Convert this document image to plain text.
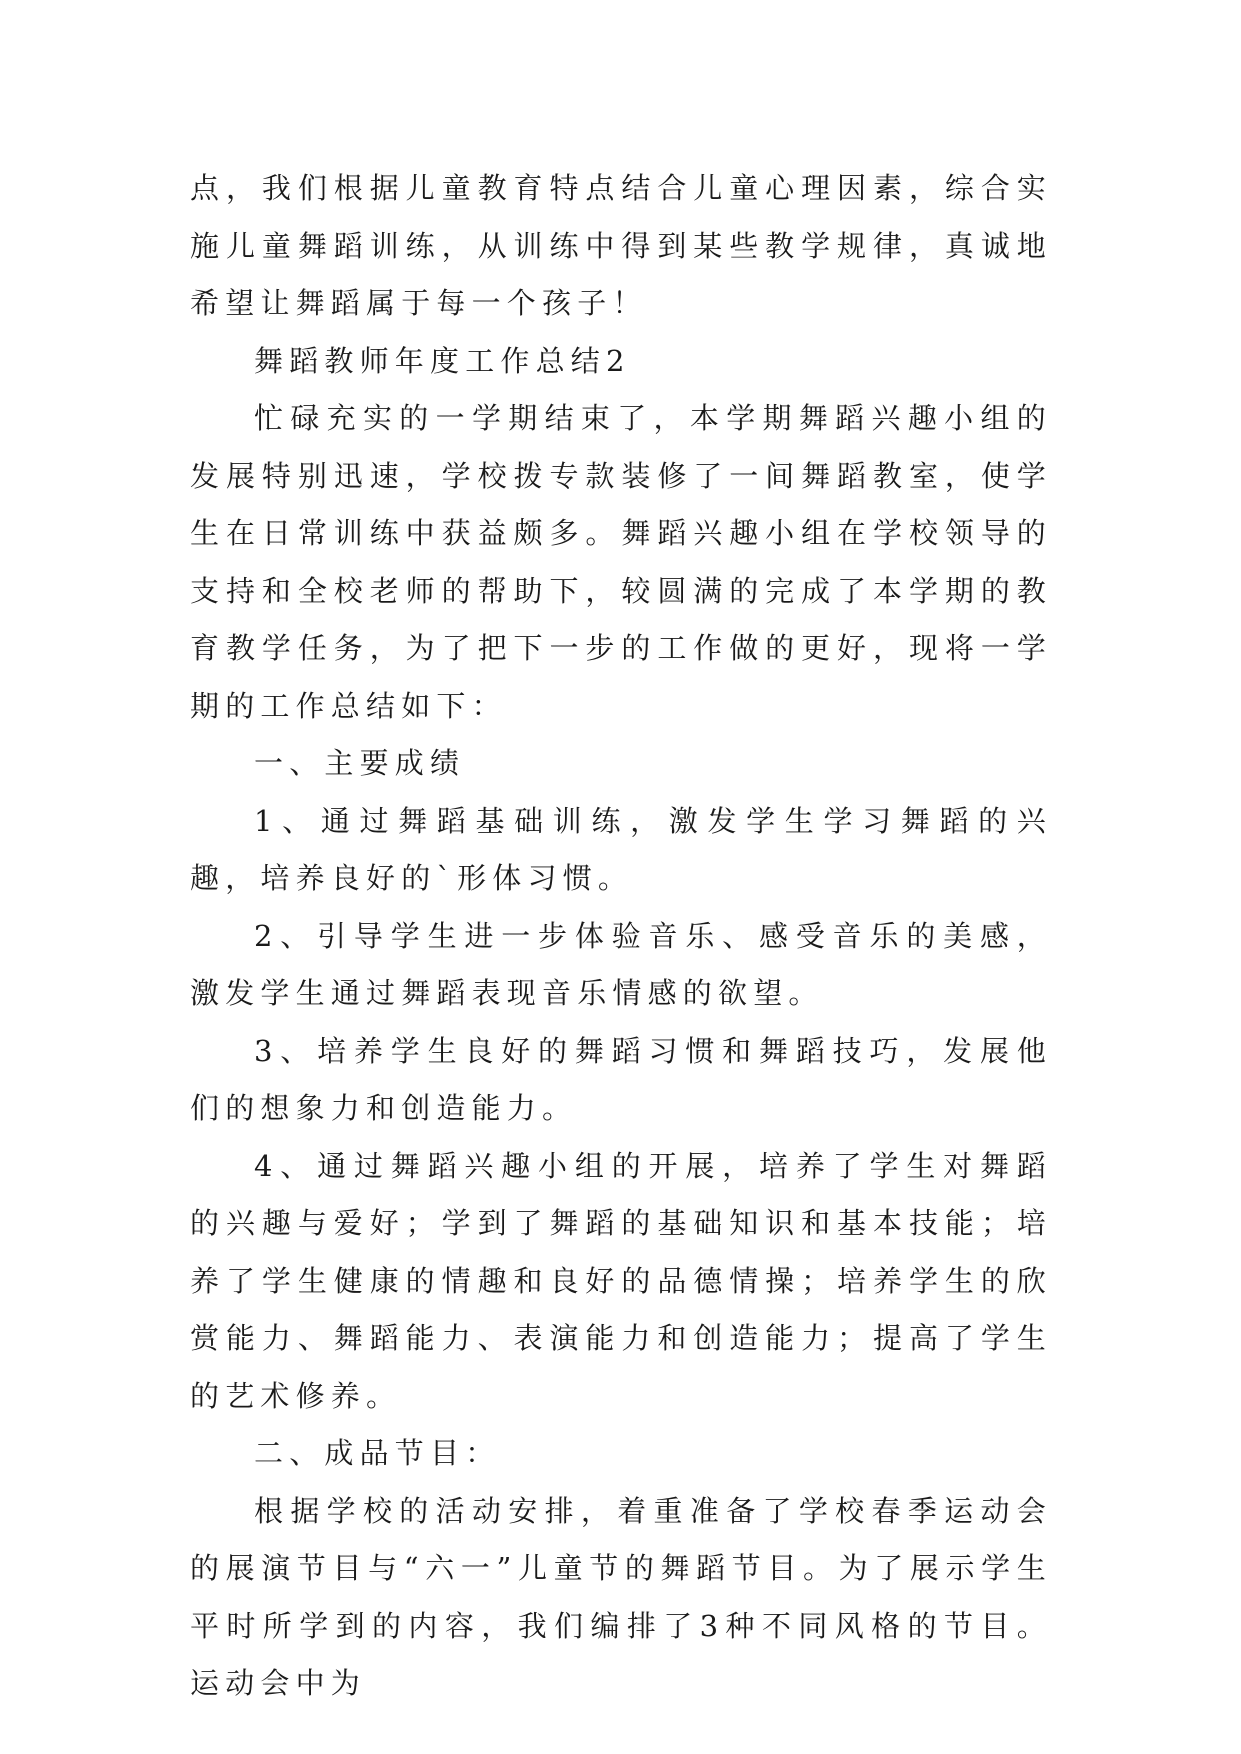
点，我们根据儿童教育特点结合儿童心理因素，综合实施儿童舞蹈训练，从训练中得到某些教学规律，真诚地希望让舞蹈属于每一个孩子！

舞蹈教师年度工作总结2

忙碌充实的一学期结束了，本学期舞蹈兴趣小组的发展特别迅速，学校拨专款装修了一间舞蹈教室，使学生在日常训练中获益颇多。舞蹈兴趣小组在学校领导的支持和全校老师的帮助下，较圆满的完成了本学期的教育教学任务，为了把下一步的工作做的更好，现将一学期的工作总结如下：

一、主要成绩

1、通过舞蹈基础训练，激发学生学习舞蹈的兴趣，培养良好的`形体习惯。

2、引导学生进一步体验音乐、感受音乐的美感，激发学生通过舞蹈表现音乐情感的欲望。

3、培养学生良好的舞蹈习惯和舞蹈技巧，发展他们的想象力和创造能力。

4、通过舞蹈兴趣小组的开展，培养了学生对舞蹈的兴趣与爱好；学到了舞蹈的基础知识和基本技能；培养了学生健康的情趣和良好的品德情操；培养学生的欣赏能力、舞蹈能力、表演能力和创造能力；提高了学生的艺术修养。

二、成品节目：

根据学校的活动安排，着重准备了学校春季运动会的展演节目与“六一”儿童节的舞蹈节目。为了展示学生平时所学到的内容，我们编排了3种不同风格的节目。运动会中为
